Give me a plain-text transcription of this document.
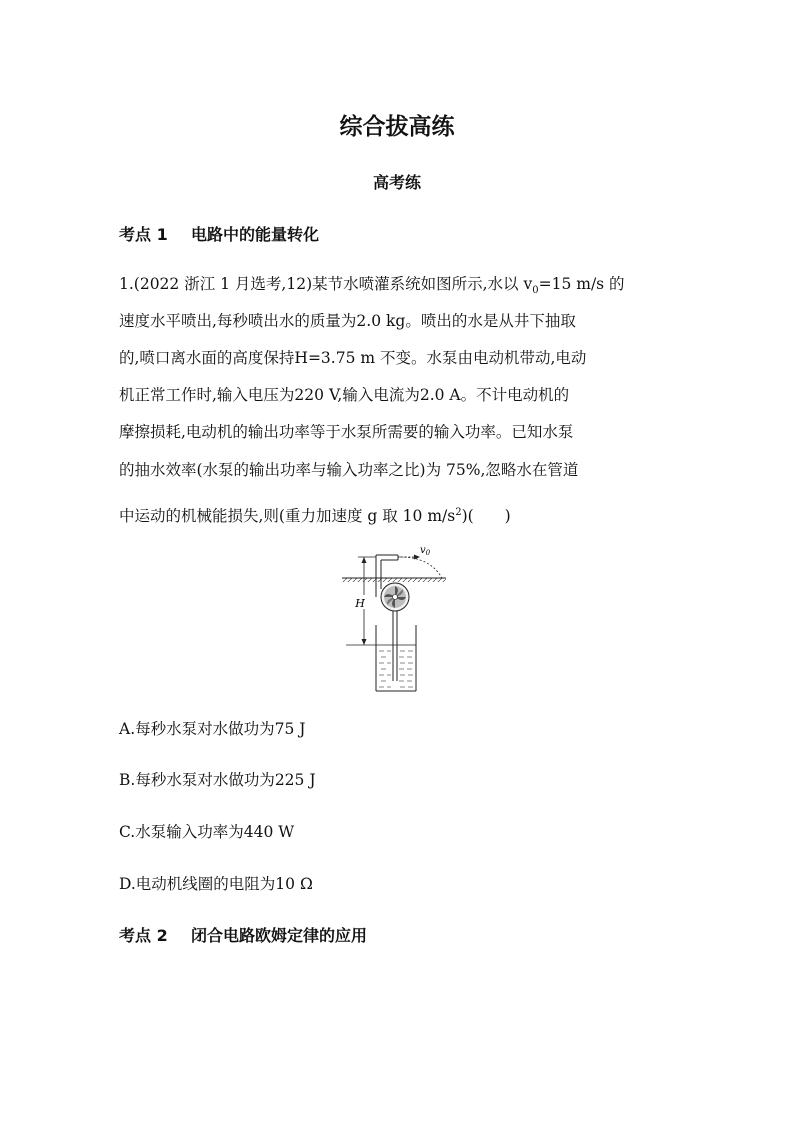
综合拔高练
高考练
考点 1 电路中的能量转化
1.(2022 浙江 1 月选考,12)某节水喷灌系统如图所示,水以 $v_0=15$ m/s 的
速度水平喷出,每秒喷出水的质量为2.0 kg。喷出的水是从井下抽取
的,喷口离水面的高度保持H=3.75 m 不变。水泵由电动机带动,电动
机正常工作时,输入电压为220 V,输入电流为2.0 A。不计电动机的
摩擦损耗,电动机的输出功率等于水泵所需要的输入功率。已知水泵
的抽水效率(水泵的输出功率与输入功率之比)为 75%,忽略水在管道
中运动的机械能损失,则(重力加速度 g 取 10 $m/s^2$)(　　)
H
$v_0$
A.每秒水泵对水做功为75 J
B.每秒水泵对水做功为225 J
C.水泵输入功率为440 W
D.电动机线圈的电阻为10 Ω
考点 2 闭合电路欧姆定律的应用
